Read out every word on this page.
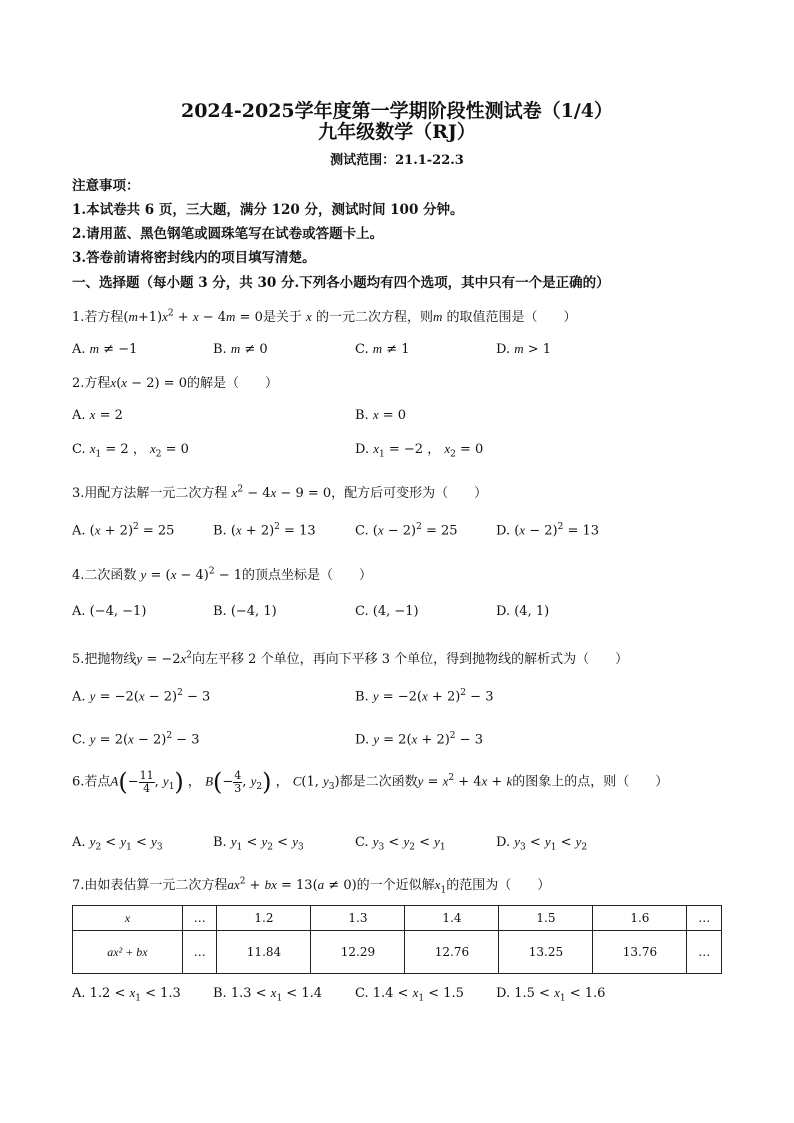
2024-2025学年度第一学期阶段性测试卷（1/4）
九年级数学（RJ）
测试范围：21.1-22.3
注意事项：
1.本试卷共 6 页，三大题，满分 120 分，测试时间 100 分钟。
2.请用蓝、黑色钢笔或圆珠笔写在试卷或答题卡上。
3.答卷前请将密封线内的项目填写清楚。
一、选择题（每小题 3 分，共 30 分.下列各小题均有四个选项，其中只有一个是正确的）
1.若方程$(m+1)x^2 + x - 4m = 0$是关于 x 的一元二次方程，则m 的取值范围是（　　）
A. m ≠ −1	B. m ≠ 0	C. m ≠ 1	D. m > 1
2.方程x(x − 2) = 0的解是（　　）
A. x = 2	B. x = 0
C. $x_1 = 2$ ， $x_2 = 0$	D. $x_1 = -2$ ， $x_2 = 0$
3.用配方法解一元二次方程 $x^2 - 4x - 9 = 0$，配方后可变形为（　　）
A. $(x + 2)^2 = 25$	B. $(x + 2)^2 = 13$	C. $(x - 2)^2 = 25$	D. $(x - 2)^2 = 13$
4.二次函数 $y = (x - 4)^2 - 1$的顶点坐标是（　　）
A. (−4, −1)	B. (−4, 1)	C. (4, −1)	D. (4, 1)
5.把抛物线$y = -2x^2$向左平移 2 个单位，再向下平移 3 个单位，得到抛物线的解析式为（　　）
A. $y = -2(x - 2)^2 - 3$	B. $y = -2(x + 2)^2 - 3$
C. $y = 2(x - 2)^2 - 3$	D. $y = 2(x + 2)^2 - 3$
6.若点$A(- \frac{11}{4}$ , $y_1$) ， $B(- \frac{4}{3}$ , $y_2$) ， C(1, $y_3$)都是二次函数$y = x^2 + 4x + k$的图象上的点，则（　　）
A. $y_2 < y_1 < y_3$	B. $y_1 < y_2 < y_3$	C. $y_3 < y_2 < y_1$	D. $y_3 < y_1 < y_2$
7.由如表估算一元二次方程$ax^2$ + bx = 13(a ≠ 0)的一个近似解$x_1$的范围为（　　）
x	…	1.2	1.3	1.4	1.5	1.6	…
ax² + bx	…	11.84	12.29	12.76	13.25	13.76	…
A. $1.2 < x_1 < 1.3$ B. $1.3 < x_1 < 1.4$	C. $1.4 < x_1 < 1.5$ D. $1.5 < x_1 < 1.6$
